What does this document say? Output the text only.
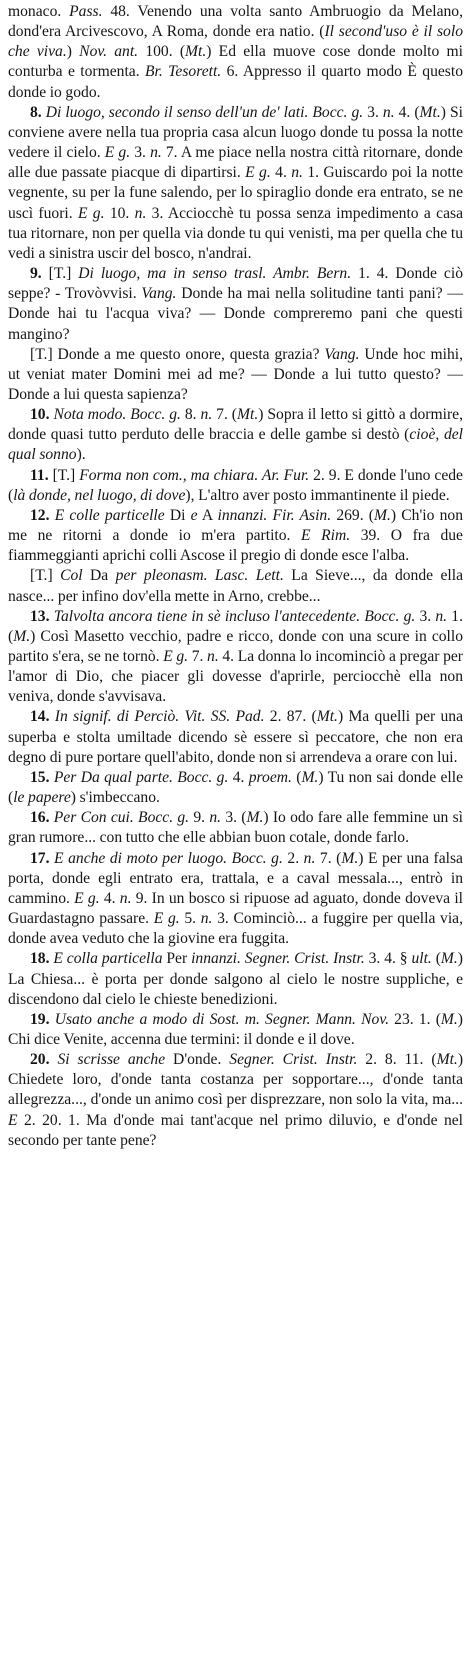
monaco. Pass. 48. Venendo una volta santo Ambruogio da Melano, dond'era Arcivescovo, A Roma, donde era natio. (Il second'uso è il solo che viva.) Nov. ant. 100. (Mt.) Ed ella muove cose donde molto mi conturba e tormenta. Br. Tesorett. 6. Appresso il quarto modo È questo donde io godo.

8. Di luogo, secondo il senso dell'un de' lati. Bocc. g. 3. n. 4. (Mt.) Si conviene avere nella tua propria casa alcun luogo donde tu possa la notte vedere il cielo. E g. 3. n. 7. A me piace nella nostra città ritornare, donde alle due passate piacque di dipartirsi. E g. 4. n. 1. Guiscardo poi la notte vegnente, su per la fune salendo, per lo spiraglio donde era entrato, se ne uscì fuori. E g. 10. n. 3. Acciocchè tu possa senza impedimento a casa tua ritornare, non per quella via donde tu qui venisti, ma per quella che tu vedi a sinistra uscir del bosco, n'andrai.

9. [T.] Di luogo, ma in senso trasl. Ambr. Bern. 1. 4. Donde ciò seppe? - Trovòvvisi. Vang. Donde ha mai nella solitudine tanti pani? — Donde hai tu l'acqua viva? — Donde compreremo pani che questi mangino?

[T.] Donde a me questo onore, questa grazia? Vang. Unde hoc mihi, ut veniat mater Domini mei ad me? — Donde a lui tutto questo? — Donde a lui questa sapienza?

10. Nota modo. Bocc. g. 8. n. 7. (Mt.) Sopra il letto si gittò a dormire, donde quasi tutto perduto delle braccia e delle gambe si destò (cioè, del qual sonno).

11. [T.] Forma non com., ma chiara. Ar. Fur. 2. 9. E donde l'uno cede (là donde, nel luogo, di dove), L'altro aver posto immantinente il piede.

12. E colle particelle Di e A innanzi. Fir. Asin. 269. (M.) Ch'io non me ne ritorni a donde io m'era partito. E Rim. 39. O fra due fiammeggianti aprichi colli Ascose il pregio di donde esce l'alba.

[T.] Col Da per pleonasm. Lasc. Lett. La Sieve..., da donde ella nasce... per infino dov'ella mette in Arno, crebbe...

13. Talvolta ancora tiene in sè incluso l'antecedente. Bocc. g. 3. n. 1. (M.) Così Masetto vecchio, padre e ricco, donde con una scure in collo partito s'era, se ne tornò. E g. 7. n. 4. La donna lo incominciò a pregar per l'amor di Dio, che piacer gli dovesse d'aprirle, perciocchè ella non veniva, donde s'avvisava.

14. In signif. di Perciò. Vit. SS. Pad. 2. 87. (Mt.) Ma quelli per una superba e stolta umiltade dicendo sè essere sì peccatore, che non era degno di pure portare quell'abito, donde non si arrendeva a orare con lui.

15. Per Da qual parte. Bocc. g. 4. proem. (M.) Tu non sai donde elle (le papere) s'imbeccano.

16. Per Con cui. Bocc. g. 9. n. 3. (M.) Io odo fare alle femmine un sì gran rumore... con tutto che elle abbian buon cotale, donde farlo.

17. E anche di moto per luogo. Bocc. g. 2. n. 7. (M.) E per una falsa porta, donde egli entrato era, trattala, e a caval messala..., entrò in cammino. E g. 4. n. 9. In un bosco si ripuose ad aguato, donde doveva il Guardastagno passare. E g. 5. n. 3. Cominciò... a fuggire per quella via, donde avea veduto che la giovine era fuggita.

18. E colla particella Per innanzi. Segner. Crist. Instr. 3. 4. § ult. (M.) La Chiesa... è porta per donde salgono al cielo le nostre suppliche, e discendono dal cielo le chieste benedizioni.

19. Usato anche a modo di Sost. m. Segner. Mann. Nov. 23. 1. (M.) Chi dice Venite, accenna due termini: il donde e il dove.

20. Si scrisse anche D'onde. Segner. Crist. Instr. 2. 8. 11. (Mt.) Chiedete loro, d'onde tanta costanza per sopportare..., d'onde tanta allegrezza..., d'onde un animo così per disprezzare, non solo la vita, ma... E 2. 20. 1. Ma d'onde mai tant'acque nel primo diluvio, e d'onde nel secondo per tante pene?
